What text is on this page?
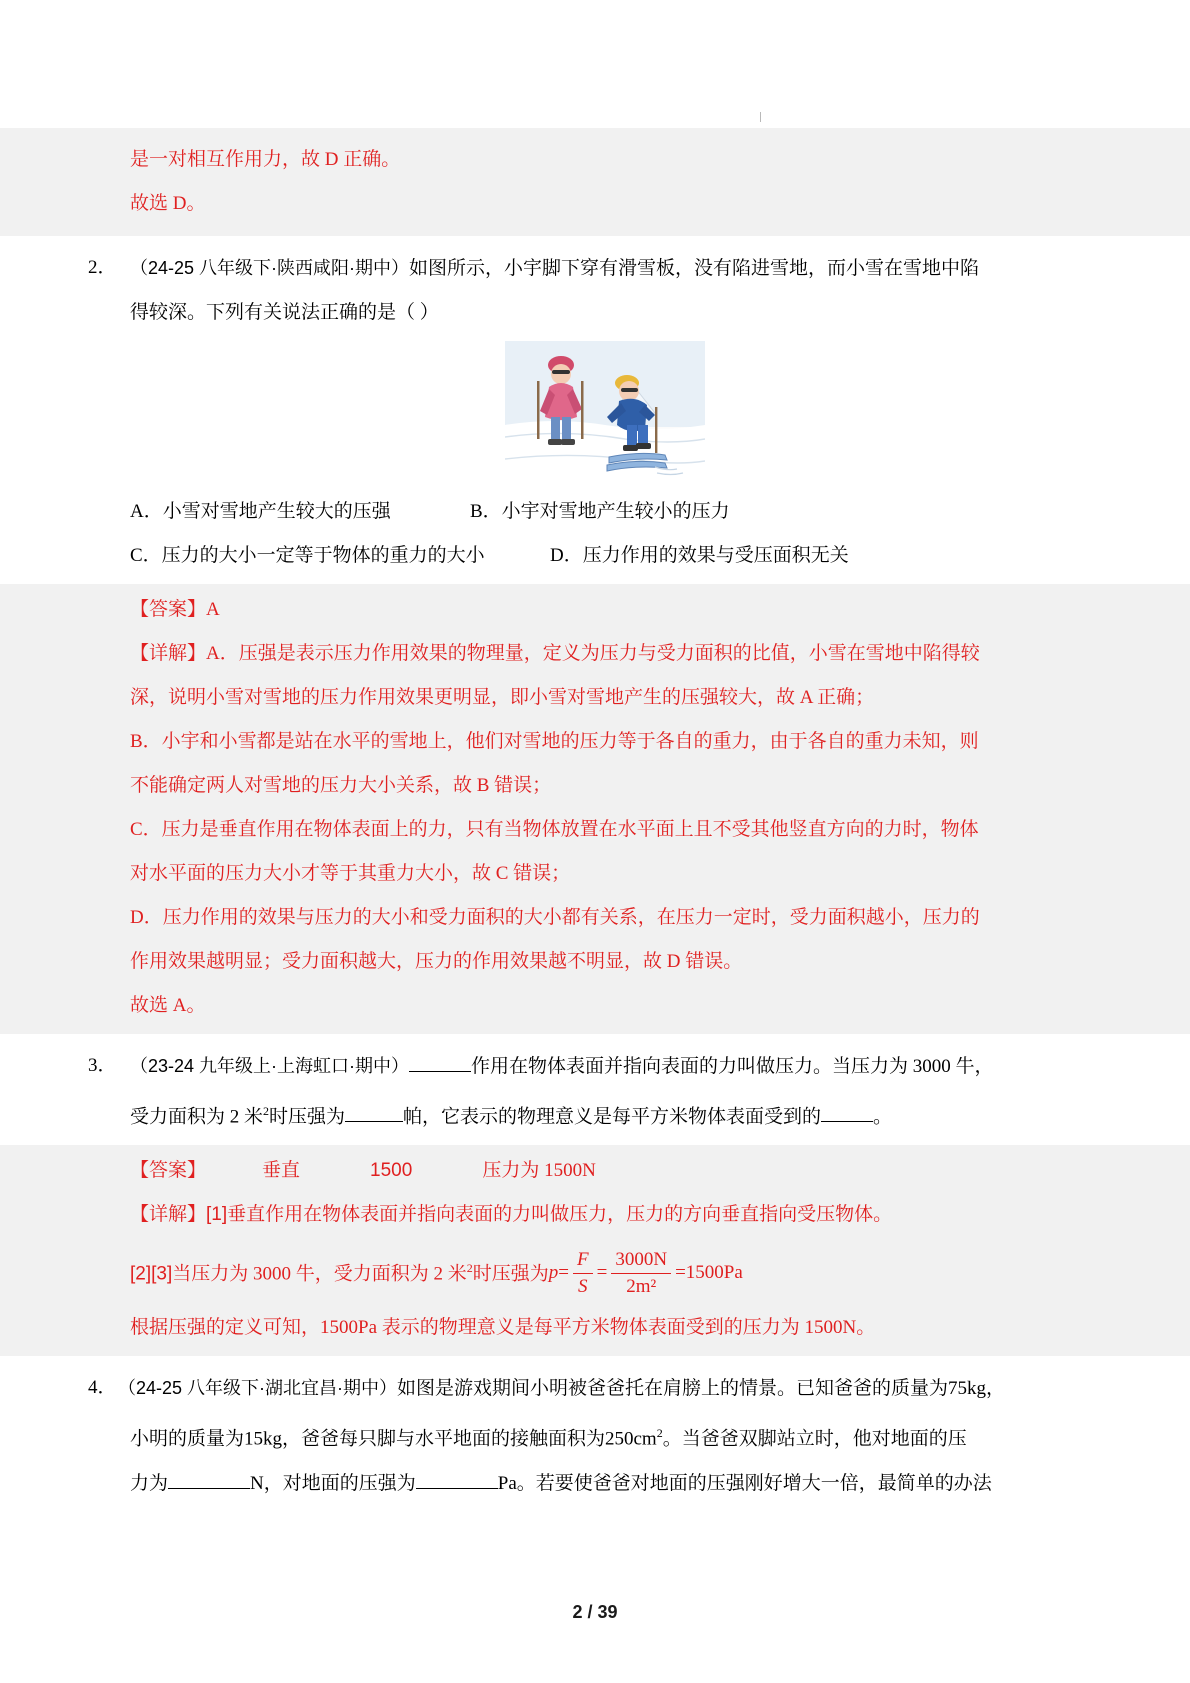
是一对相互作用力，故 D 正确。
故选 D。
2． （24-25 八年级下·陕西咸阳·期中）如图所示，小宇脚下穿有滑雪板，没有陷进雪地，而小雪在雪地中陷
得较深。下列有关说法正确的是（ ）
A．小雪对雪地产生较大的压强	B．小宇对雪地产生较小的压力
C．压力的大小一定等于物体的重力的大小	D．压力作用的效果与受压面积无关
【答案】A
【详解】A．压强是表示压力作用效果的物理量，定义为压力与受力面积的比值，小雪在雪地中陷得较
深，说明小雪对雪地的压力作用效果更明显，即小雪对雪地产生的压强较大，故 A 正确；
B．小宇和小雪都是站在水平的雪地上，他们对雪地的压力等于各自的重力，由于各自的重力未知，则
不能确定两人对雪地的压力大小关系，故 B 错误；
C．压力是垂直作用在物体表面上的力，只有当物体放置在水平面上且不受其他竖直方向的力时，物体
对水平面的压力大小才等于其重力大小，故 C 错误；
D．压力作用的效果与压力的大小和受力面积的大小都有关系，在压力一定时，受力面积越小，压力的
作用效果越明显；受力面积越大，压力的作用效果越不明显，故 D 错误。
故选 A。
3． （23-24 九年级上·上海虹口·期中）	作用在物体表面并指向表面的力叫做压力。当压力为 3000 牛，
受力面积为 2 米$^2$时压强为	帕，它表示的物理意义是每平方米物体表面受到的	。
【答案】	垂直	1500	压力为 1500N
【详解】[1]垂直作用在物体表面并指向表面的力叫做压力，压力的方向垂直指向受压物体。
[2][3]当压力为 3000 牛，受力面积为 2 米$^2$时压强为$p= \frac{F}{S} = \frac{3000N}{\text{2m²}} =1500Pa$
根据压强的定义可知，1500Pa 表示的物理意义是每平方米物体表面受到的压力为 1500N。
4． （24-25 八年级下·湖北宜昌·期中）如图是游戏期间小明被爸爸托在肩膀上的情景。已知爸爸的质量为75kg，
小明的质量为15kg，爸爸每只脚与水平地面的接触面积为$250cm^2$。当爸爸双脚站立时，他对地面的压
力为	N，对地面的压强为	Pa。若要使爸爸对地面的压强刚好增大一倍，最简单的办法
2 / 39
